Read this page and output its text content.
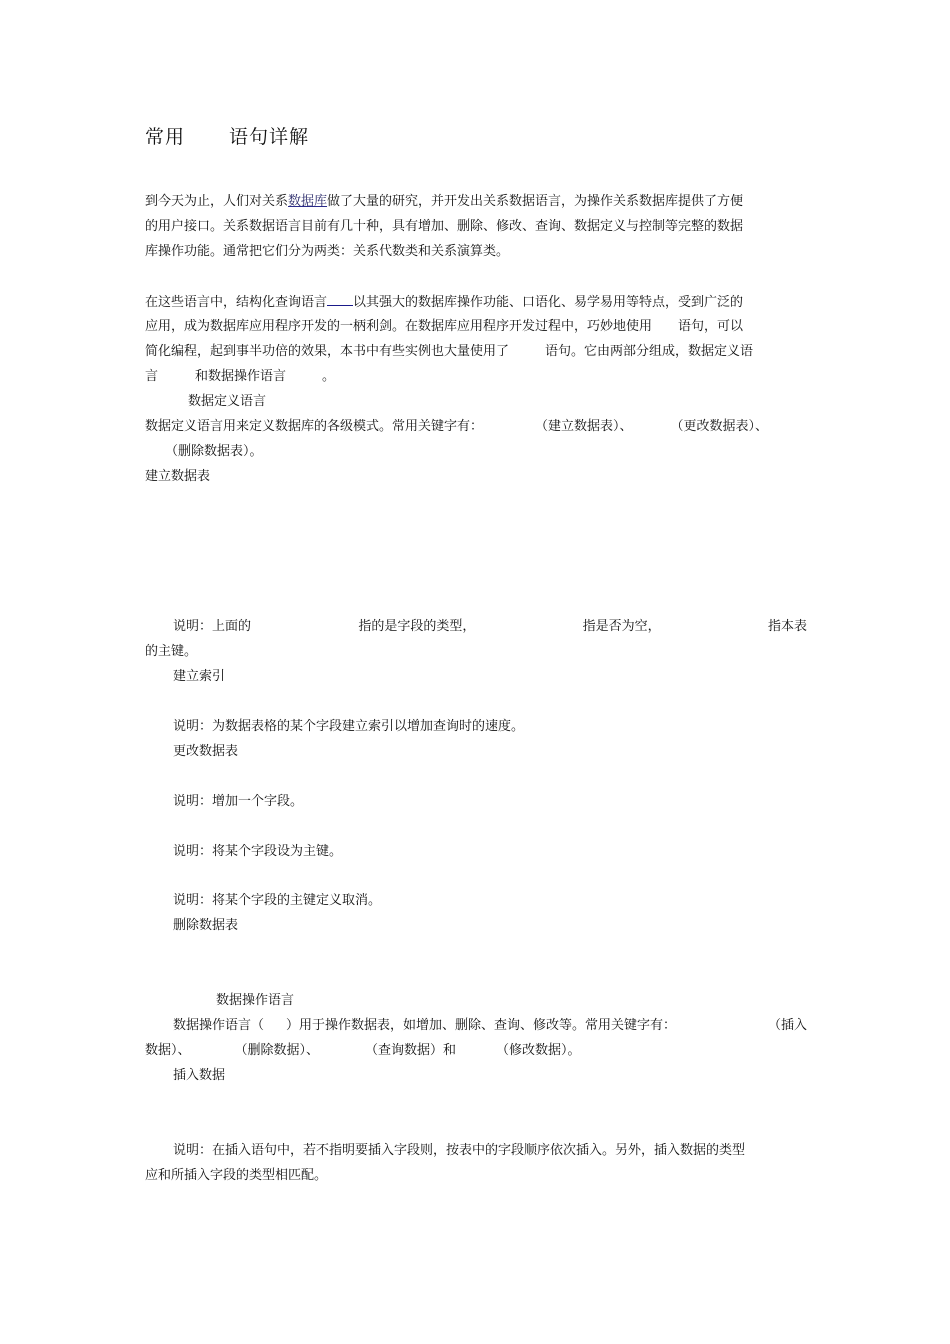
常用 语句详解
到今天为止，人们对关系数据库做了大量的研究，并开发出关系数据语言，为操作关系数据库提供了方便
的用户接口。关系数据语言目前有几十种，具有增加、删除、修改、查询、数据定义与控制等完整的数据
库操作功能。通常把它们分为两类：关系代数类和关系演算类。
在这些语言中，结构化查询语言 以其强大的数据库操作功能、口语化、易学易用等特点，受到广泛的
应用，成为数据库应用程序开发的一柄利剑。在数据库应用程序开发过程中，巧妙地使用 语句，可以
简化编程，起到事半功倍的效果，本书中有些实例也大量使用了	语句。它由两部分组成，数据定义语
言	和数据操作语言	。
数据定义语言
数据定义语言用来定义数据库的各级模式。常用关键字有：	（建立数据表）、	（更改数据表）、
（删除数据表）。
建立数据表
说明：上面的	指的是字段的类型，	指是否为空，	指本表
的主键。
建立索引
说明：为数据表格的某个字段建立索引以增加查询时的速度。
更改数据表
说明：增加一个字段。
说明：将某个字段设为主键。
说明：将某个字段的主键定义取消。
删除数据表
数据操作语言
数据操作语言（ ）用于操作数据表，如增加、删除、查询、修改等。常用关键字有：	（插入
数据）、	（删除数据）、	（查询数据）和	（修改数据）。
插入数据
说明：在插入语句中，若不指明要插入字段则，按表中的字段顺序依次插入。另外，插入数据的类型
应和所插入字段的类型相匹配。
